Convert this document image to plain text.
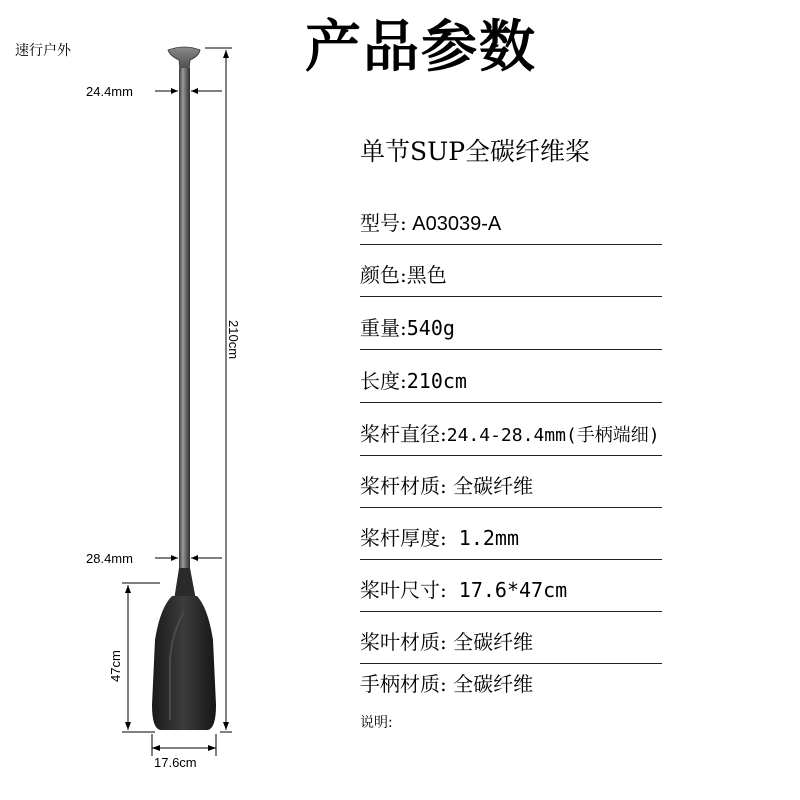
速行户外	产品参数
单节SUP全碳纤维桨
型号: A03039-A
颜色:黑色
重量:540g
长度:210cm
桨杆直径:24.4-28.4mm(手柄端细)
桨杆材质: 全碳纤维
桨杆厚度: 1.2mm
桨叶尺寸: 17.6*47cm
桨叶材质: 全碳纤维
手柄材质: 全碳纤维
说明:
24.4mm
28.4mm
210cm
47cm
17.6cm
